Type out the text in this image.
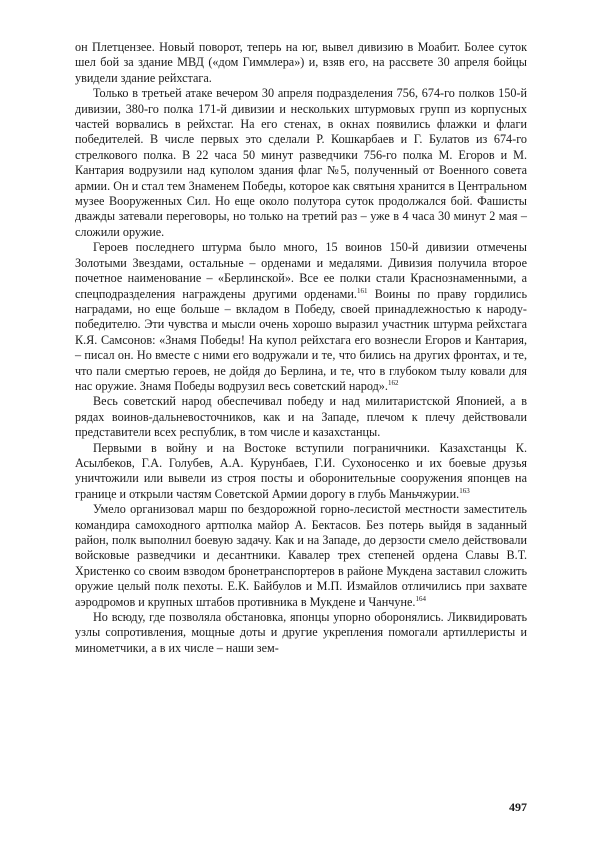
он Плетцензее. Новый поворот, теперь на юг, вывел дивизию в Моабит. Более суток шел бой за здание МВД («дом Гиммлера») и, взяв его, на рассвете 30 апреля бойцы увидели здание рейхстага.

Только в третьей атаке вечером 30 апреля подразделения 756, 674-го полков 150-й дивизии, 380-го полка 171-й дивизии и нескольких штурмовых групп из корпусных частей ворвались в рейхстаг. На его стенах, в окнах появились флажки и флаги победителей. В числе первых это сделали Р. Кошкарбаев и Г. Булатов из 674-го стрелкового полка. В 22 часа 50 минут разведчики 756-го полка М. Егоров и М. Кантария водрузили над куполом здания флаг №5, полученный от Военного совета армии. Он и стал тем Знаменем Победы, которое как святыня хранится в Центральном музее Вооруженных Сил. Но еще около полутора суток продолжался бой. Фашисты дважды затевали переговоры, но только на третий раз – уже в 4 часа 30 минут 2 мая – сложили оружие.

Героев последнего штурма было много, 15 воинов 150-й дивизии отмечены Золотыми Звездами, остальные – орденами и медалями. Дивизия получила второе почетное наименование – «Берлинской». Все ее полки стали Краснознаменными, а спецподразделения награждены другими орденами.$^{161}$ Воины по праву гордились наградами, но еще больше – вкладом в Победу, своей принадлежностью к народу-победителю. Эти чувства и мысли очень хорошо выразил участник штурма рейхстага К.Я. Самсонов: «Знамя Победы! На купол рейхстага его вознесли Егоров и Кантария, – писал он. Но вместе с ними его водружали и те, что бились на других фронтах, и те, что пали смертью героев, не дойдя до Берлина, и те, что в глубоком тылу ковали для нас оружие. Знамя Победы водрузил весь советский народ».$^{162}$

Весь советский народ обеспечивал победу и над милитаристской Японией, а в рядах воинов-дальневосточников, как и на Западе, плечом к плечу действовали представители всех республик, в том числе и казахстанцы.

Первыми в войну и на Востоке вступили пограничники. Казахстанцы К. Асылбеков, Г.А. Голубев, А.А. Курунбаев, Г.И. Сухоносенко и их боевые друзья уничтожили или вывели из строя посты и оборонительные сооружения японцев на границе и открыли частям Советской Армии дорогу в глубь Маньчжурии.$^{163}$

Умело организовал марш по бездорожной горно-лесистой местности заместитель командира самоходного артполка майор А. Бектасов. Без потерь выйдя в заданный район, полк выполнил боевую задачу. Как и на Западе, до дерзости смело действовали войсковые разведчики и десантники. Кавалер трех степеней ордена Славы В.Т. Христенко со своим взводом бронетранспортеров в районе Мукдена заставил сложить оружие целый полк пехоты. Е.К. Байбулов и М.П. Измайлов отличились при захвате аэродромов и крупных штабов противника в Мукдене и Чанчуне.$^{164}$

Но всюду, где позволяла обстановка, японцы упорно оборонялись. Ликвидировать узлы сопротивления, мощные доты и другие укрепления помогали артиллеристы и минометчики, а в их числе – наши зем-

497
